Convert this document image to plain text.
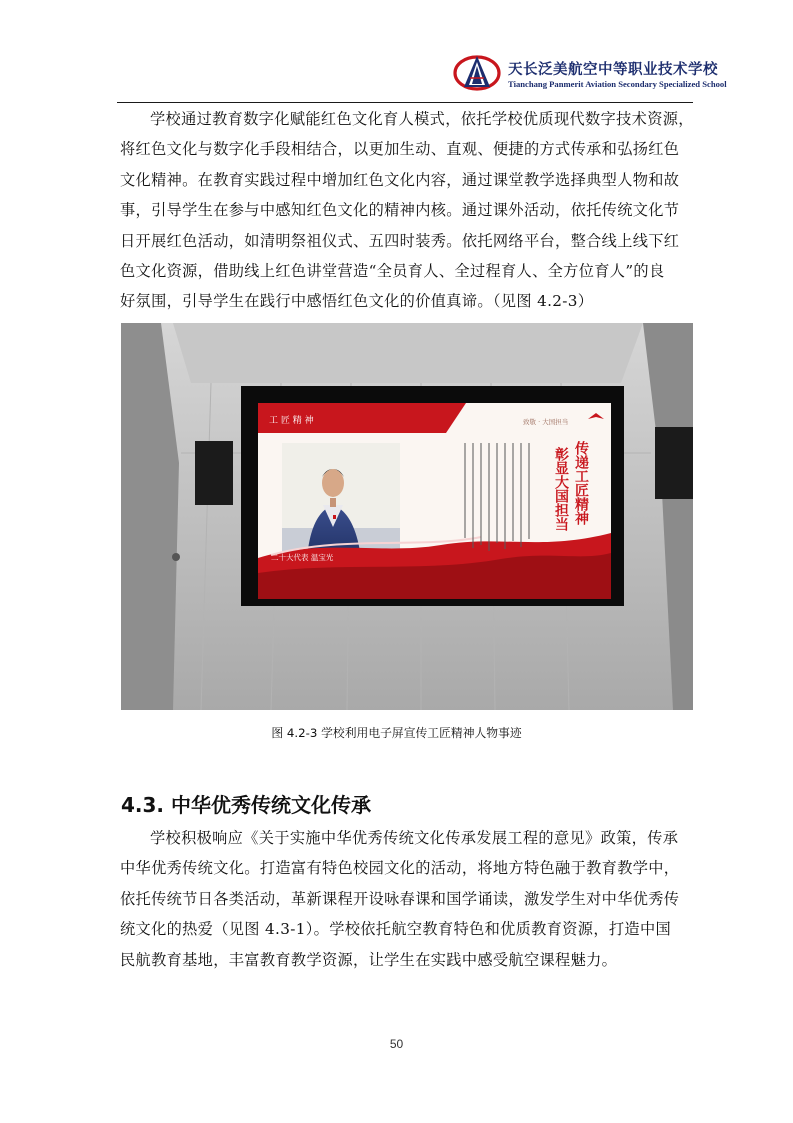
天长泛美航空中等职业技术学校
Tianchang Panmerit Aviation Secondary Specialized School

学校通过教育数字化赋能红色文化育人模式，依托学校优质现代数字技术资源，
将红色文化与数字化手段相结合，以更加生动、直观、便捷的方式传承和弘扬红色
文化精神。在教育实践过程中增加红色文化内容，通过课堂教学选择典型人物和故
事，引导学生在参与中感知红色文化的精神内核。通过课外活动，依托传统文化节
日开展红色活动，如清明祭祖仪式、五四时装秀。依托网络平台，整合线上线下红
色文化资源，借助线上红色讲堂营造“全员育人、全过程育人、全方位育人”的良
好氛围，引导学生在践行中感悟红色文化的价值真谛。（见图 4.2-3）

工 匠 精 神	致敬 · 大国担当
二十大代表 温宝光
传递工匠精神
彰显大国担当
图 4.2-3 学校利用电子屏宣传工匠精神人物事迹
4.3. 中华优秀传统文化传承

学校积极响应《关于实施中华优秀传统文化传承发展工程的意见》政策，传承
中华优秀传统文化。打造富有特色校园文化的活动，将地方特色融于教育教学中，
依托传统节日各类活动，革新课程开设咏春课和国学诵读，激发学生对中华优秀传
统文化的热爱（见图 4.3-1）。学校依托航空教育特色和优质教育资源，打造中国
民航教育基地，丰富教育教学资源，让学生在实践中感受航空课程魅力。

50
